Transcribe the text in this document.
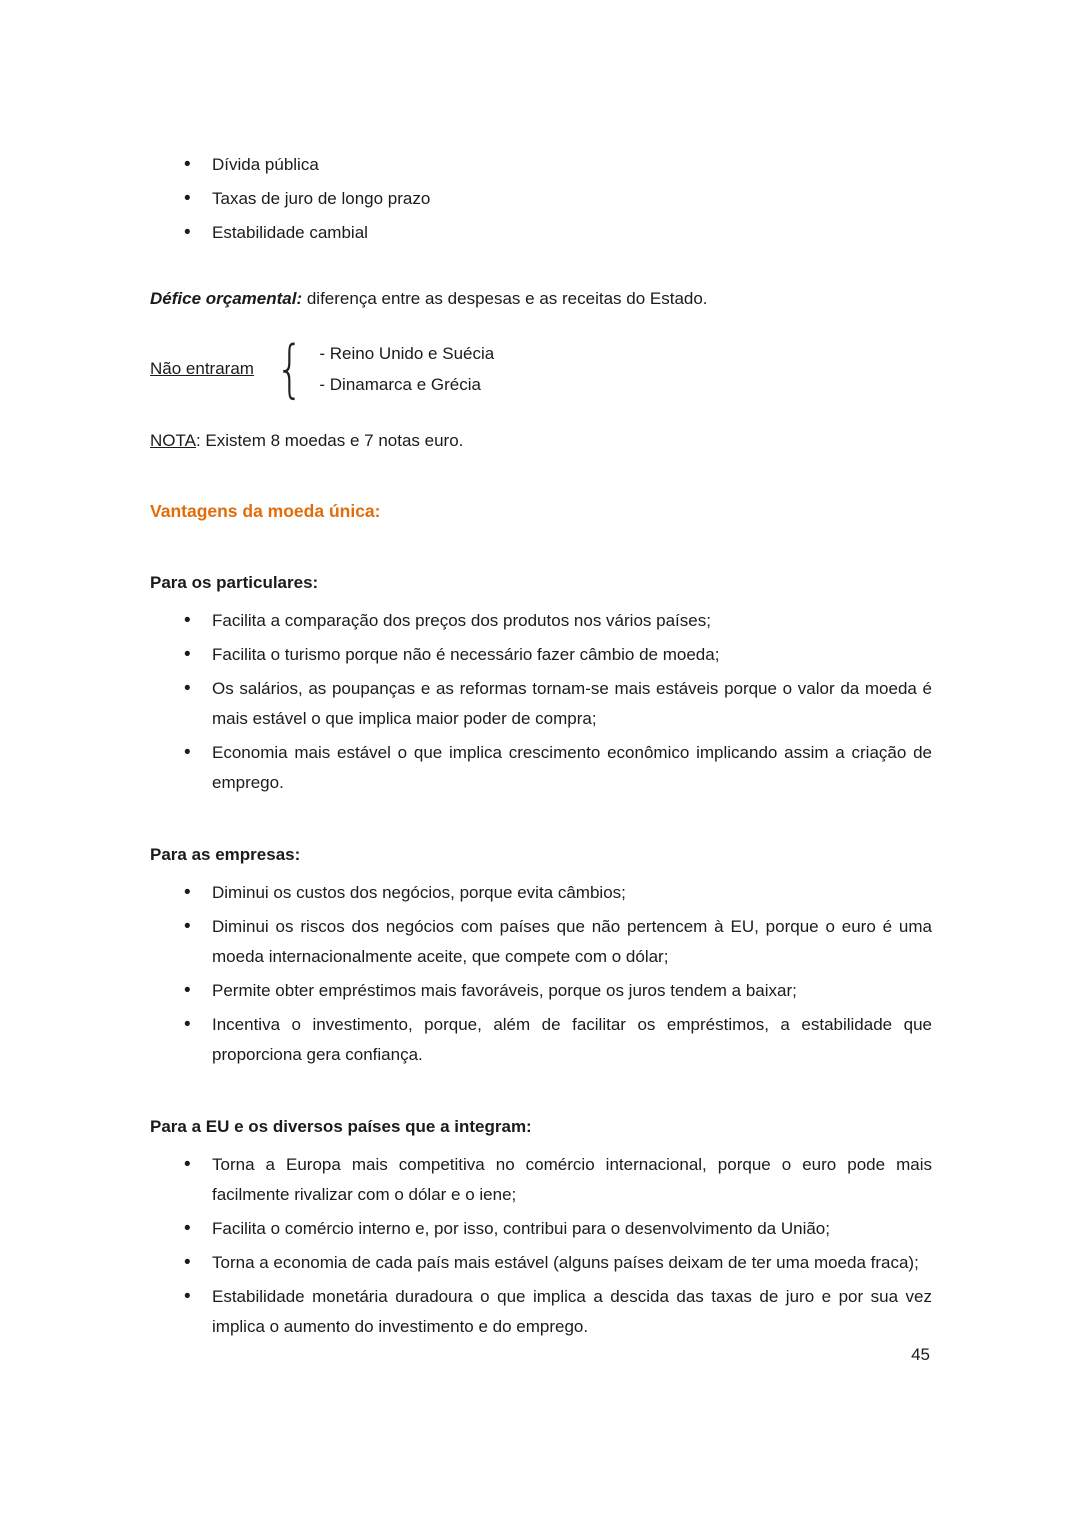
• Dívida pública
• Taxas de juro de longo prazo
• Estabilidade cambial

Défice orçamental: diferença entre as despesas e as receitas do Estado.

Não entraram { - Reino Unido e Suécia
- Dinamarca e Grécia

NOTA: Existem 8 moedas e 7 notas euro.

Vantagens da moeda única:

Para os particulares:

• Facilita a comparação dos preços dos produtos nos vários países;
• Facilita o turismo porque não é necessário fazer câmbio de moeda;
• Os salários, as poupanças e as reformas tornam-se mais estáveis porque o valor da moeda é mais estável o que implica maior poder de compra;
• Economia mais estável o que implica crescimento econômico implicando assim a criação de emprego.

Para as empresas:

• Diminui os custos dos negócios, porque evita câmbios;
• Diminui os riscos dos negócios com países que não pertencem à EU, porque o euro é uma moeda internacionalmente aceite, que compete com o dólar;
• Permite obter empréstimos mais favoráveis, porque os juros tendem a baixar;
• Incentiva o investimento, porque, além de facilitar os empréstimos, a estabilidade que proporciona gera confiança.

Para a EU e os diversos países que a integram:

• Torna a Europa mais competitiva no comércio internacional, porque o euro pode mais facilmente rivalizar com o dólar e o iene;
• Facilita o comércio interno e, por isso, contribui para o desenvolvimento da União;
• Torna a economia de cada país mais estável (alguns países deixam de ter uma moeda fraca);
• Estabilidade monetária duradoura o que implica a descida das taxas de juro e por sua vez implica o aumento do investimento e do emprego.
45
